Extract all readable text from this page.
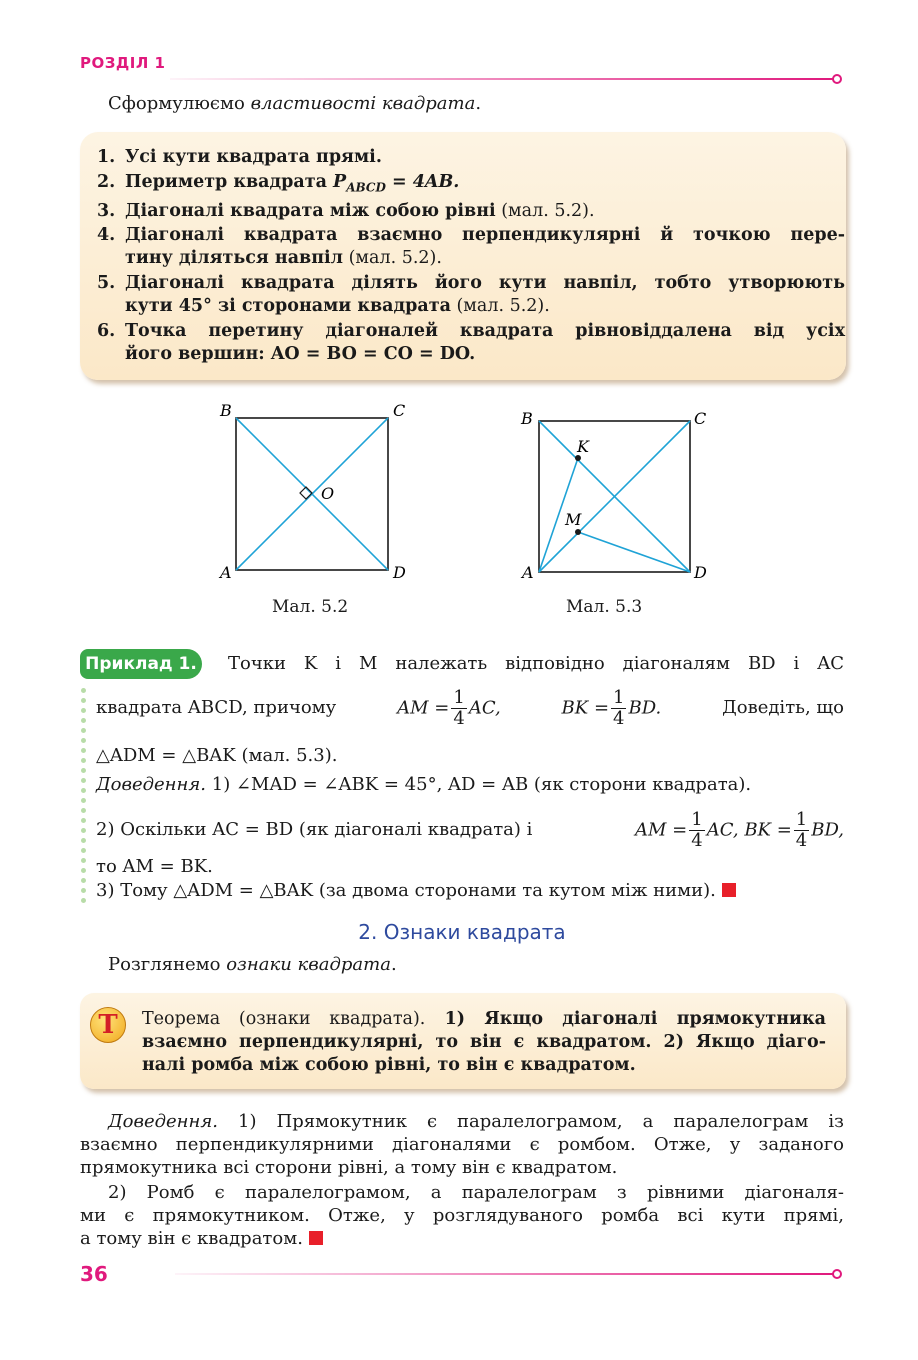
РОЗДІЛ 1
Сформулюємо властивості квадрата.
1. Усі кути квадрата прямі.
2. Периметр квадрата $P_{ABCD} = 4AB$.
3. Діагоналі квадрата між собою рівні (мал. 5.2).
4. Діагоналі квадрата взаємно перпендикулярні й точкою пере-
тину діляться навпіл (мал. 5.2).
5. Діагоналі квадрата ділять його кути навпіл, тобто утворюють
кути 45° зі сторонами квадрата (мал. 5.2).
6. Точка перетину діагоналей квадрата рівновіддалена від усіх
його вершин: AO = BO = CO = DO.
B	C
A	D
O
Мал. 5.2
B	C
A	D
K
M
Мал. 5.3
Приклад 1. Точки K і M належать відповідно діагоналям BD і AC
квадрата ABCD, причому	AM = $\frac{1}{4}$ AC,	BK = $\frac{1}{4}$ BD.	Доведіть, що
△ADM = △BAK (мал. 5.3).
Доведення. 1) ∠MAD = ∠ABK = 45°, AD = AB (як сторони квадрата).
2) Оскільки AC = BD (як діагоналі квадрата) і	AM = $\frac{1}{4}$ AC, BK = $\frac{1}{4}$ BD,
то AM = BK.
3) Тому △ADM = △BAK (за двома сторонами та кутом між ними).
2. Ознаки квадрата
Розглянемо ознаки квадрата.
Т	Теорема (ознаки квадрата). 1) Якщо діагоналі прямокутника
взаємно перпендикулярні, то він є квадратом. 2) Якщо діаго-
налі ромба між собою рівні, то він є квадратом.
Доведення. 1) Прямокутник є паралелограмом, а паралелограм із
взаємно перпендикулярними діагоналями є ромбом. Отже, у заданого
прямокутника всі сторони рівні, а тому він є квадратом.
2) Ромб є паралелограмом, а паралелограм з рівними діагоналя-
ми є прямокутником. Отже, у розглядуваного ромба всі кути прямі,
а тому він є квадратом.
36
